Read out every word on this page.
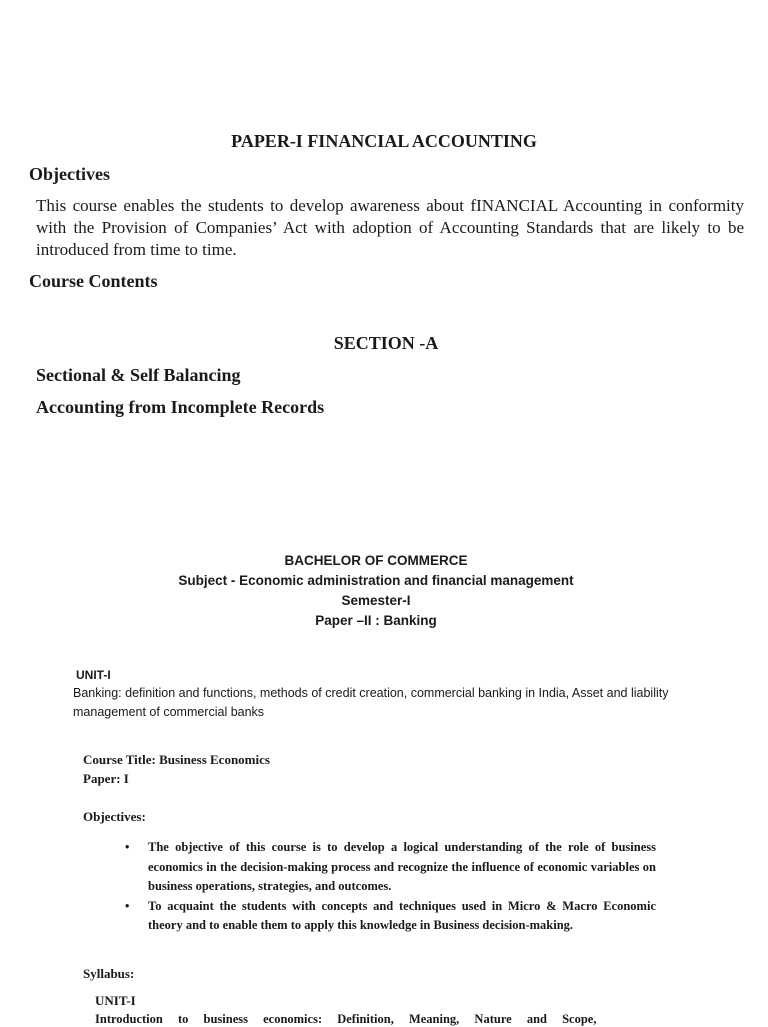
PAPER-I FINANCIAL ACCOUNTING
Objectives
This course enables the students to develop awareness about fINANCIAL Accounting in conformity with the Provision of Companies’ Act with adoption of Accounting Standards that are likely to be introduced from time to time.
Course Contents
SECTION -A
Sectional & Self Balancing
Accounting from Incomplete Records
BACHELOR OF COMMERCE
Subject - Economic administration and financial management
Semester-I
Paper –II : Banking
UNIT-I
Banking: definition and functions, methods of credit creation, commercial banking in India, Asset and liability management of commercial banks
Course Title: Business Economics
Paper: I
Objectives:
• The objective of this course is to develop a logical understanding of the role of business economics in the decision-making process and recognize the influence of economic variables on business operations, strategies, and outcomes.
• To acquaint the students with concepts and techniques used in Micro & Macro Economic theory and to enable them to apply this knowledge in Business decision-making.
Syllabus:
UNIT-I
Introduction to business economics: Definition, Meaning, Nature and Scope,
